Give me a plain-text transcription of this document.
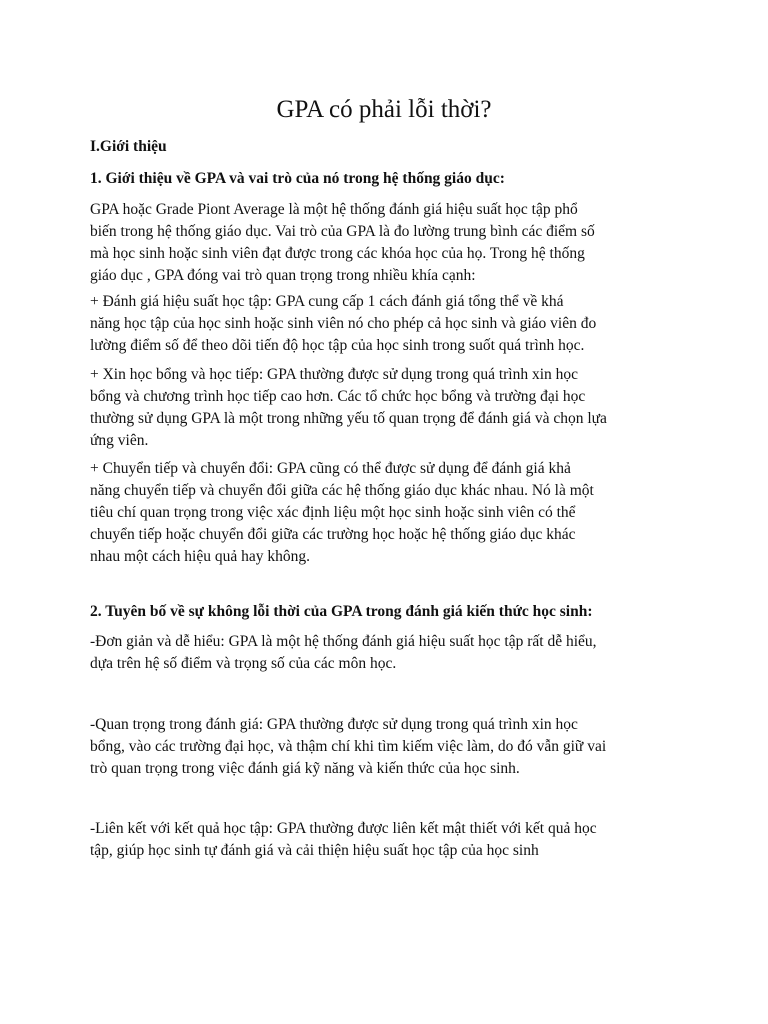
GPA có phải lỗi thời?

I.Giới thiệu

1. Giới thiệu về GPA và vai trò của nó trong hệ thống giáo dục:

GPA hoặc Grade Piont Average là một hệ thống đánh giá hiệu suất học tập phổ
biến trong hệ thống giáo dục. Vai trò của GPA là đo lường trung bình các điểm số
mà học sinh hoặc sinh viên đạt được trong các khóa học của họ. Trong hệ thống
giáo dục , GPA đóng vai trò quan trọng trong nhiều khía cạnh:

+ Đánh giá hiệu suất học tập: GPA cung cấp 1 cách đánh giá tổng thể về khá
năng học tập của học sinh hoặc sinh viên nó cho phép cả học sinh và giáo viên đo
lường điểm số để theo dõi tiến độ học tập của học sinh trong suốt quá trình học.

+ Xin học bổng và học tiếp: GPA thường được sử dụng trong quá trình xin học
bổng và chương trình học tiếp cao hơn. Các tổ chức học bổng và trường đại học
thường sử dụng GPA là một trong những yếu tố quan trọng để đánh giá và chọn lựa
ứng viên.

+ Chuyển tiếp và chuyển đổi: GPA cũng có thể được sử dụng để đánh giá khả
năng chuyển tiếp và chuyển đổi giữa các hệ thống giáo dục khác nhau. Nó là một
tiêu chí quan trọng trong việc xác định liệu một học sinh hoặc sinh viên có thể
chuyển tiếp hoặc chuyển đổi giữa các trường học hoặc hệ thống giáo dục khác
nhau một cách hiệu quả hay không.

2. Tuyên bố về sự không lỗi thời của GPA trong đánh giá kiến thức học sinh:

-Đơn giản và dễ hiểu: GPA là một hệ thống đánh giá hiệu suất học tập rất dễ hiểu,
dựa trên hệ số điểm và trọng số của các môn học.

-Quan trọng trong đánh giá: GPA thường được sử dụng trong quá trình xin học
bổng, vào các trường đại học, và thậm chí khi tìm kiếm việc làm, do đó vẫn giữ vai
trò quan trọng trong việc đánh giá kỹ năng và kiến thức của học sinh.

-Liên kết với kết quả học tập: GPA thường được liên kết mật thiết với kết quả học
tập, giúp học sinh tự đánh giá và cải thiện hiệu suất học tập của học sinh
